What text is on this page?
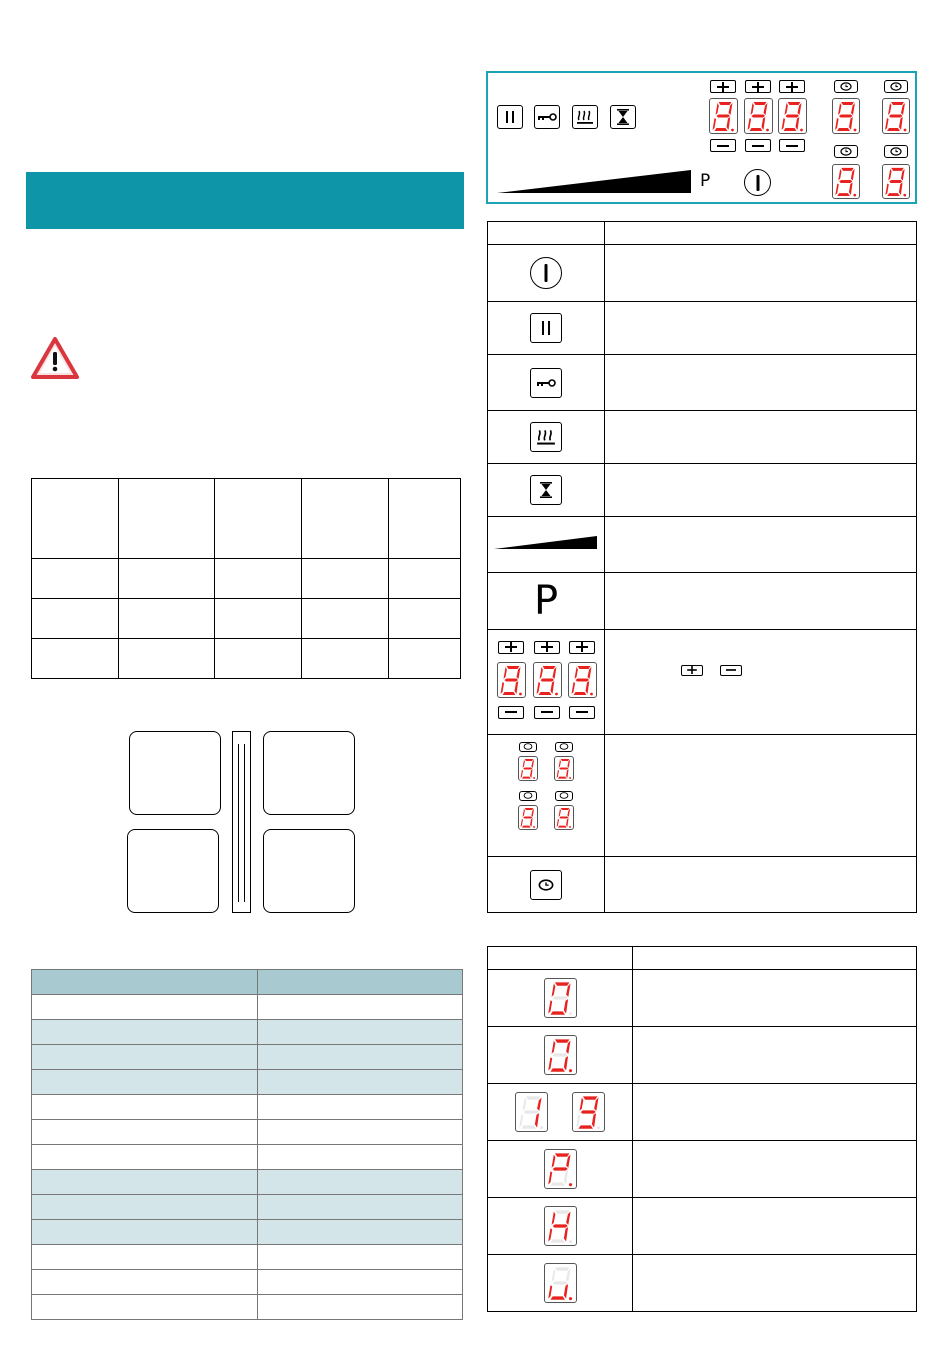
P

P	
